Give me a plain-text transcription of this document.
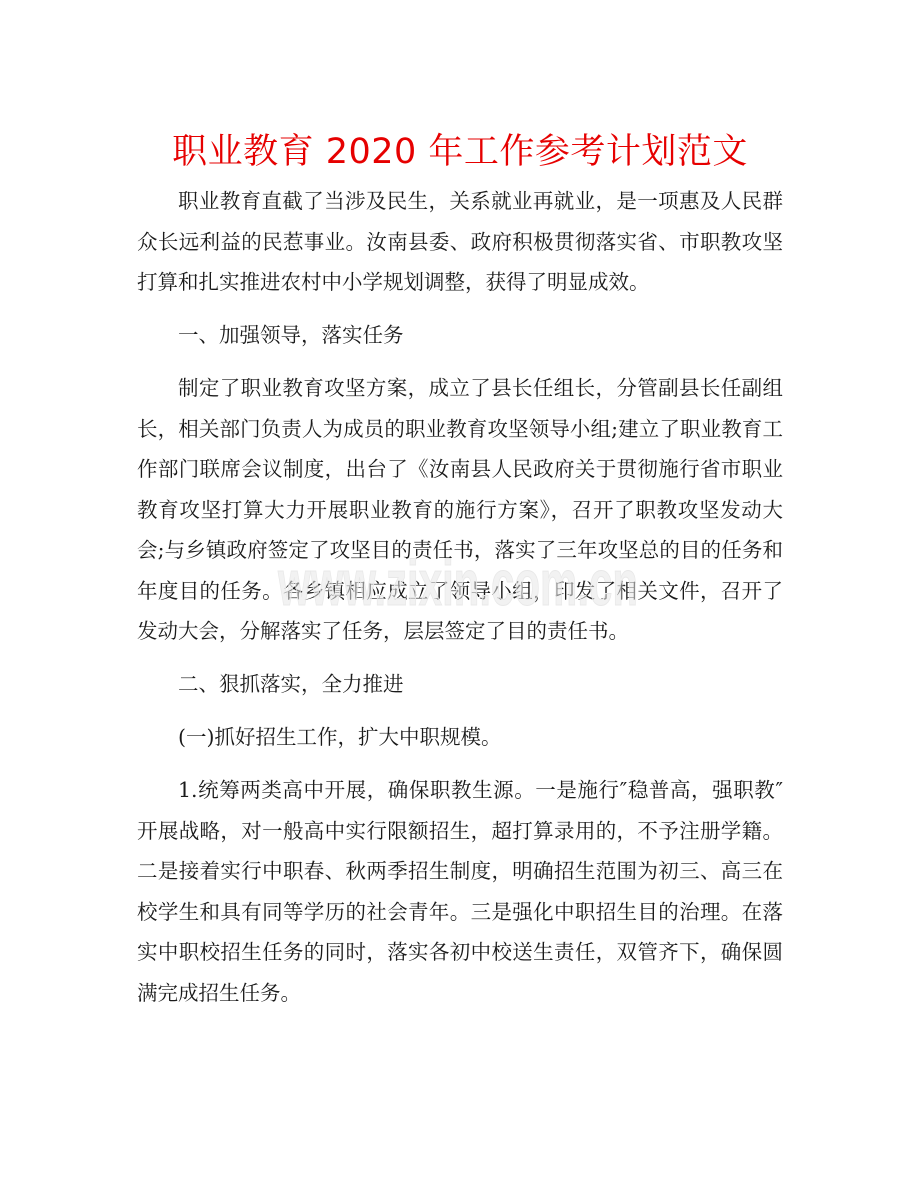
职业教育 2020 年工作参考计划范文

职业教育直截了当涉及民生，关系就业再就业，是一项惠及人民群众长远利益的民惹事业。汝南县委、政府积极贯彻落实省、市职教攻坚打算和扎实推进农村中小学规划调整，获得了明显成效。

一、加强领导，落实任务

制定了职业教育攻坚方案，成立了县长任组长，分管副县长任副组长，相关部门负责人为成员的职业教育攻坚领导小组;建立了职业教育工作部门联席会议制度，出台了《汝南县人民政府关于贯彻施行省市职业教育攻坚打算大力开展职业教育的施行方案》，召开了职教攻坚发动大会;与乡镇政府签定了攻坚目的责任书，落实了三年攻坚总的目的任务和年度目的任务。各乡镇相应成立了领导小组，印发了相关文件，召开了发动大会，分解落实了任务，层层签定了目的责任书。

二、狠抓落实，全力推进

(一)抓好招生工作，扩大中职规模。

1.统筹两类高中开展，确保职教生源。一是施行″稳普高，强职教″开展战略，对一般高中实行限额招生，超打算录用的，不予注册学籍。二是接着实行中职春、秋两季招生制度，明确招生范围为初三、高三在校学生和具有同等学历的社会青年。三是强化中职招生目的治理。在落实中职校招生任务的同时，落实各初中校送生责任，双管齐下，确保圆满完成招生任务。

www.zixin.com.cn
